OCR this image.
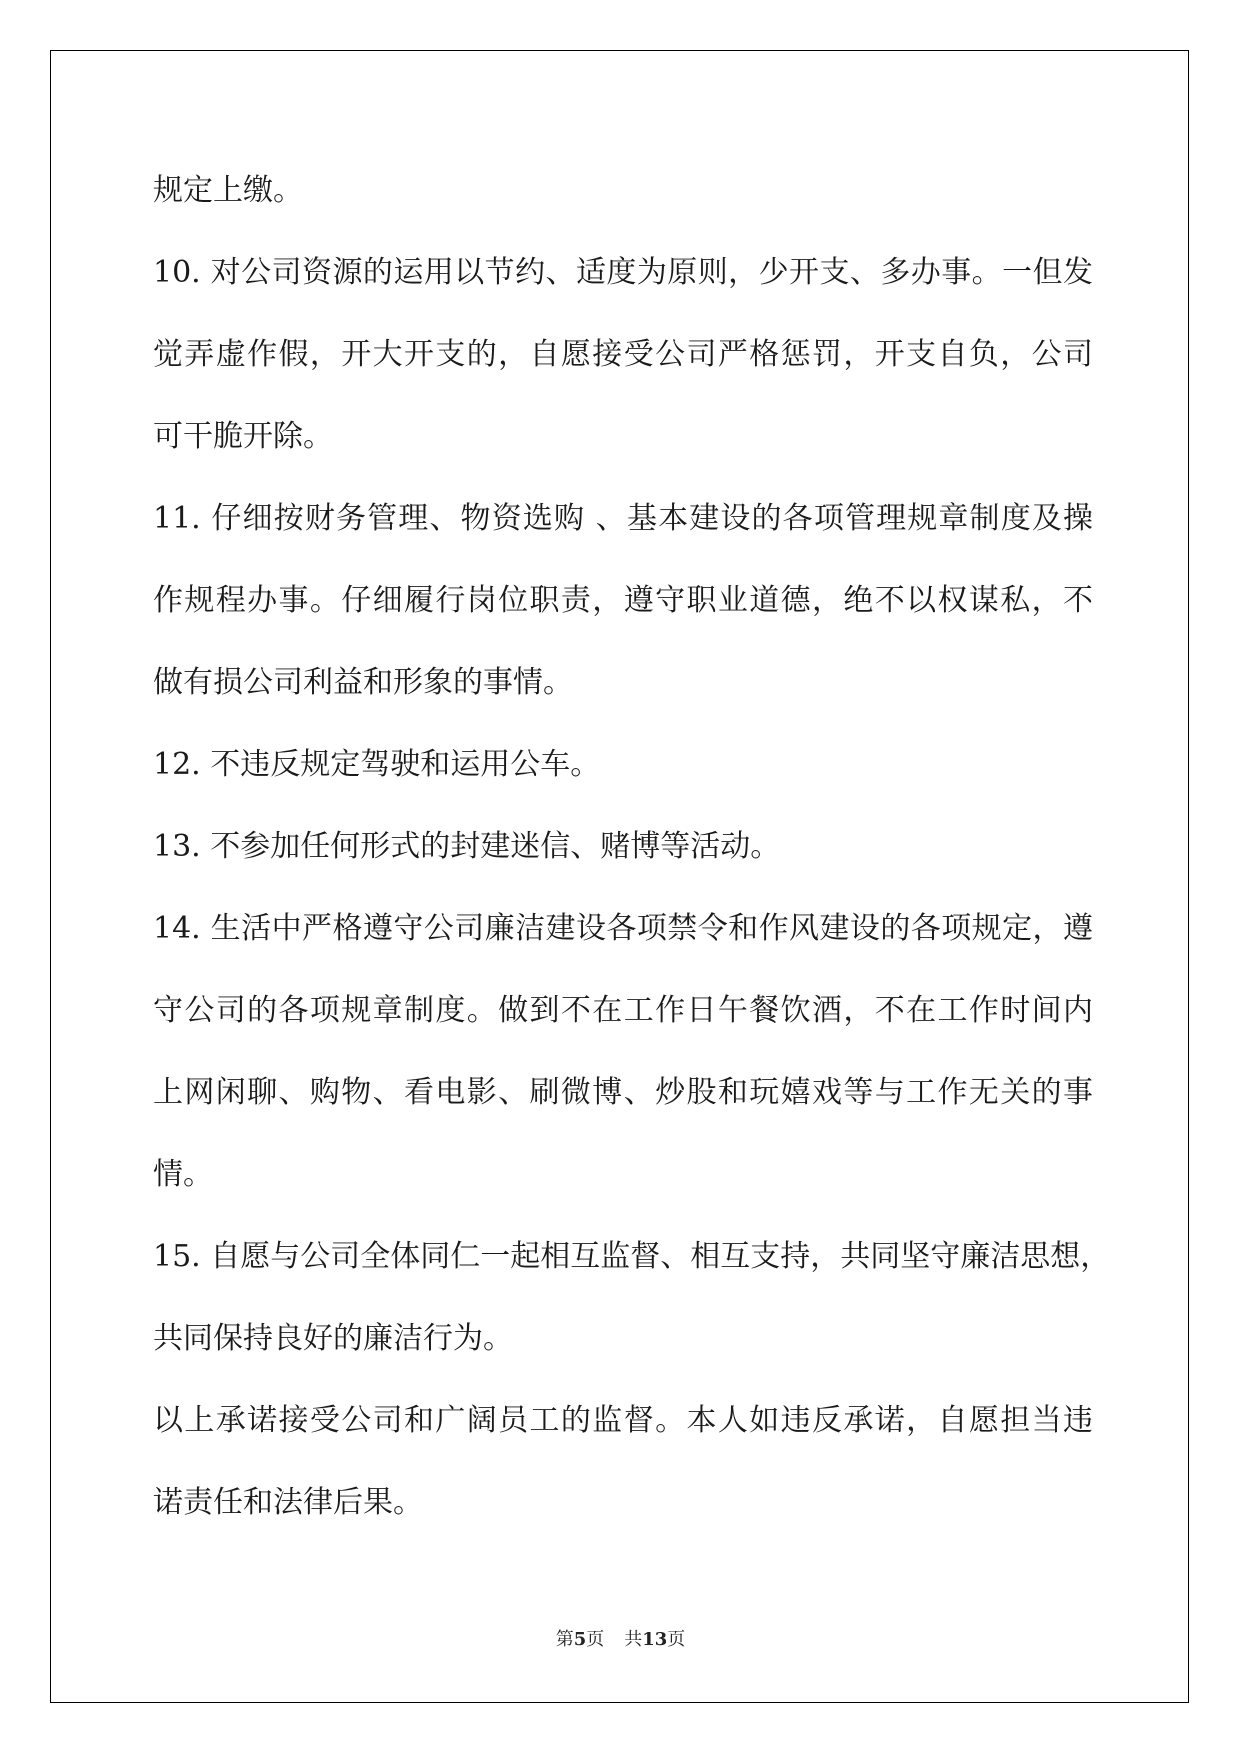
规定上缴。
10. 对公司资源的运用以节约、适度为原则，少开支、多办事。一但发
觉弄虚作假，开大开支的，自愿接受公司严格惩罚，开支自负，公司
可干脆开除。
11. 仔细按财务管理、物资选购 、基本建设的各项管理规章制度及操
作规程办事。仔细履行岗位职责，遵守职业道德，绝不以权谋私，不
做有损公司利益和形象的事情。
12. 不违反规定驾驶和运用公车。
13. 不参加任何形式的封建迷信、赌博等活动。
14. 生活中严格遵守公司廉洁建设各项禁令和作风建设的各项规定，遵
守公司的各项规章制度。做到不在工作日午餐饮酒，不在工作时间内
上网闲聊、购物、看电影、刷微博、炒股和玩嬉戏等与工作无关的事
情。
15. 自愿与公司全体同仁一起相互监督、相互支持，共同坚守廉洁思想，
共同保持良好的廉洁行为。
以上承诺接受公司和广阔员工的监督。本人如违反承诺，自愿担当违
诺责任和法律后果。
第5页 共13页
